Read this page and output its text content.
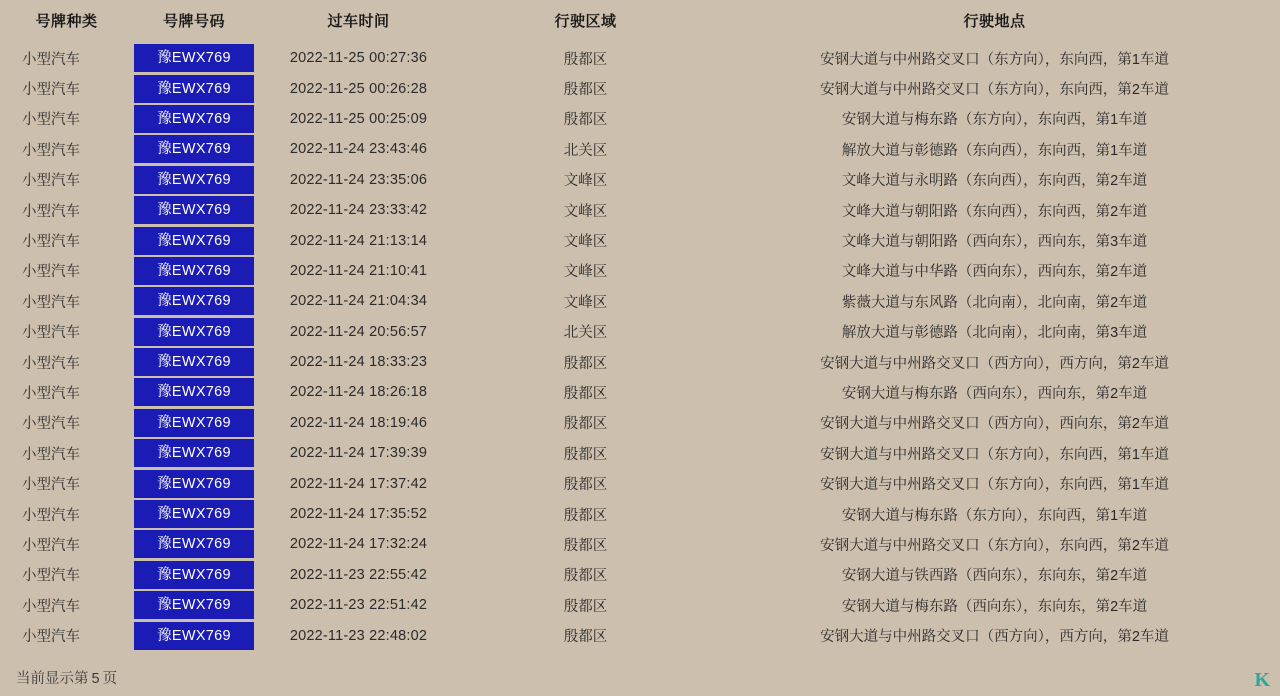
号牌种类	号牌号码	过车时间	行驶区域	行驶地点
小型汽车	豫EWX769	2022-11-25 00:27:36	殷都区	安钢大道与中州路交叉口（东方向），东向西，第1车道
小型汽车	豫EWX769	2022-11-25 00:26:28	殷都区	安钢大道与中州路交叉口（东方向），东向西，第2车道
小型汽车	豫EWX769	2022-11-25 00:25:09	殷都区	安钢大道与梅东路（东方向），东向西，第1车道
小型汽车	豫EWX769	2022-11-24 23:43:46	北关区	解放大道与彰德路（东向西），东向西，第1车道
小型汽车	豫EWX769	2022-11-24 23:35:06	文峰区	文峰大道与永明路（东向西），东向西，第2车道
小型汽车	豫EWX769	2022-11-24 23:33:42	文峰区	文峰大道与朝阳路（东向西），东向西，第2车道
小型汽车	豫EWX769	2022-11-24 21:13:14	文峰区	文峰大道与朝阳路（西向东），西向东，第3车道
小型汽车	豫EWX769	2022-11-24 21:10:41	文峰区	文峰大道与中华路（西向东），西向东，第2车道
小型汽车	豫EWX769	2022-11-24 21:04:34	文峰区	紫薇大道与东风路（北向南），北向南，第2车道
小型汽车	豫EWX769	2022-11-24 20:56:57	北关区	解放大道与彰德路（北向南），北向南，第3车道
小型汽车	豫EWX769	2022-11-24 18:33:23	殷都区	安钢大道与中州路交叉口（西方向），西方向，第2车道
小型汽车	豫EWX769	2022-11-24 18:26:18	殷都区	安钢大道与梅东路（西向东），西向东，第2车道
小型汽车	豫EWX769	2022-11-24 18:19:46	殷都区	安钢大道与中州路交叉口（西方向），西向东，第2车道
小型汽车	豫EWX769	2022-11-24 17:39:39	殷都区	安钢大道与中州路交叉口（东方向），东向西，第1车道
小型汽车	豫EWX769	2022-11-24 17:37:42	殷都区	安钢大道与中州路交叉口（东方向），东向西，第1车道
小型汽车	豫EWX769	2022-11-24 17:35:52	殷都区	安钢大道与梅东路（东方向），东向西，第1车道
小型汽车	豫EWX769	2022-11-24 17:32:24	殷都区	安钢大道与中州路交叉口（东方向），东向西，第2车道
小型汽车	豫EWX769	2022-11-23 22:55:42	殷都区	安钢大道与铁西路（西向东），东向东，第2车道
小型汽车	豫EWX769	2022-11-23 22:51:42	殷都区	安钢大道与梅东路（西向东），东向东，第2车道
小型汽车	豫EWX769	2022-11-23 22:48:02	殷都区	安钢大道与中州路交叉口（西方向），西方向，第2车道
当前显示第 5 页	K
